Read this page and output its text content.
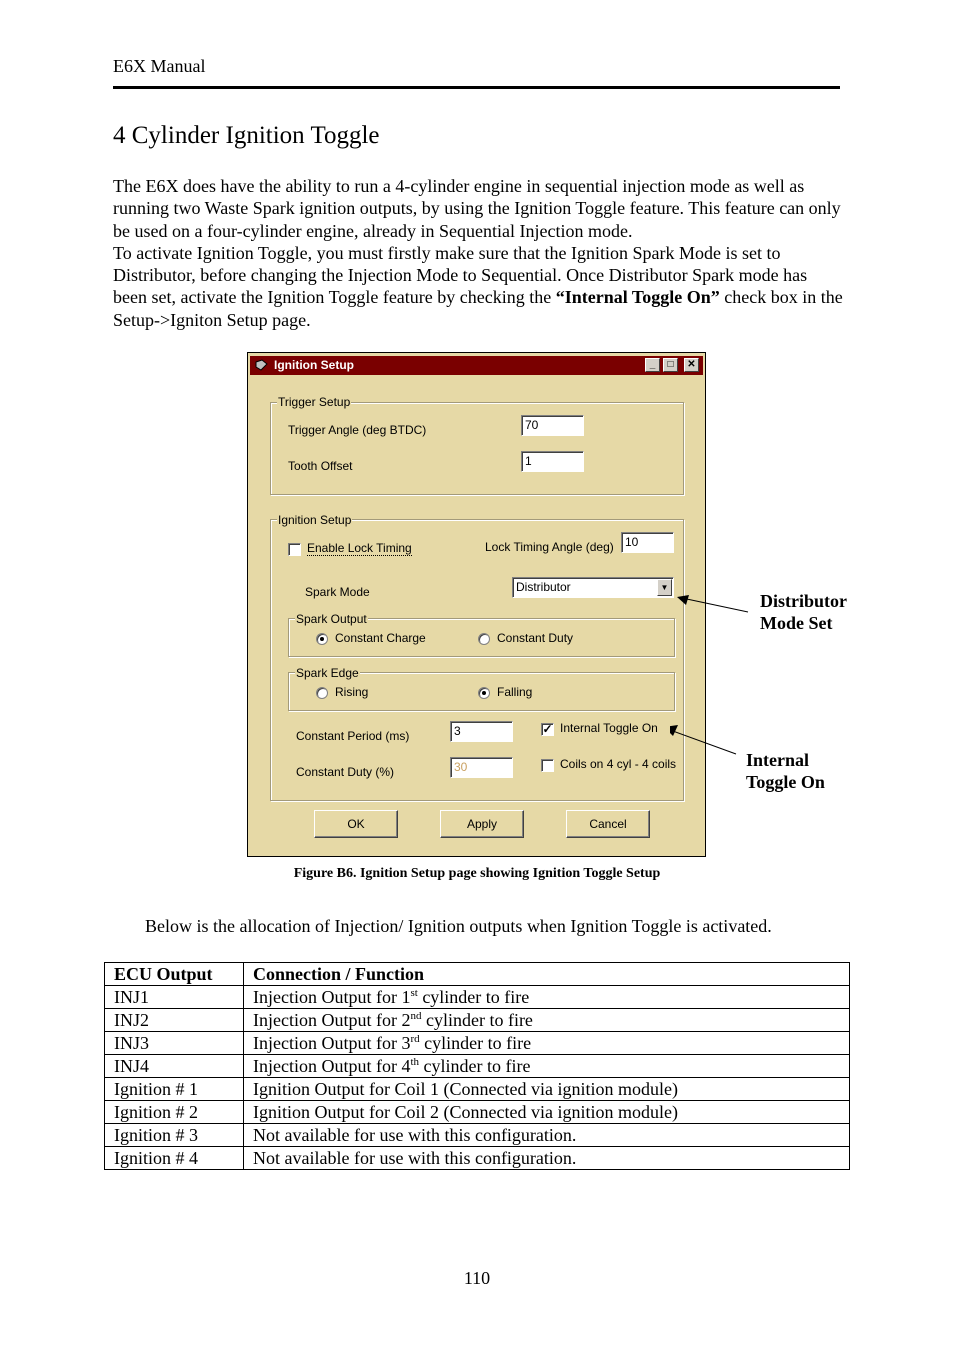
E6X Manual
4 Cylinder Ignition Toggle

The E6X does have the ability to run a 4-cylinder engine in sequential injection mode as well as running two Waste Spark ignition outputs, by using the Ignition Toggle feature. This feature can only be used on a four-cylinder engine, already in Sequential Injection mode.

To activate Ignition Toggle, you must firstly make sure that the Ignition Spark Mode is set to Distributor, before changing the Injection Mode to Sequential. Once Distributor Spark mode has been set, activate the Ignition Toggle feature by checking the “Internal Toggle On” check box in the Setup->Igniton Setup page.

Ignition Setup	_	□	✕
Trigger Setup
Trigger Angle (deg BTDC)	70
Tooth Offset	1
Ignition Setup
Enable Lock Timing	Lock Timing Angle (deg) 10
Spark Mode	Distributor	▼
Spark Output
Constant Charge	Constant Duty
Spark Edge
Rising	Falling
Constant Period (ms)	3	✓ Internal Toggle On
Constant Duty (%)	30	Coils on 4 cyl - 4 coils
OK	Apply	Cancel
Distributor
Mode Set
Internal
Toggle On
Figure B6. Ignition Setup page showing Ignition Toggle Setup
Below is the allocation of Injection/ Ignition outputs when Ignition Toggle is activated.
ECU Output	Connection / Function
INJ1	Injection Output for 1st cylinder to fire
INJ2	Injection Output for 2nd cylinder to fire
INJ3	Injection Output for 3rd cylinder to fire
INJ4	Injection Output for 4th cylinder to fire
Ignition # 1	Ignition Output for Coil 1 (Connected via ignition module)
Ignition # 2	Ignition Output for Coil 2 (Connected via ignition module)
Ignition # 3	Not available for use with this configuration.
Ignition # 4	Not available for use with this configuration.
110
